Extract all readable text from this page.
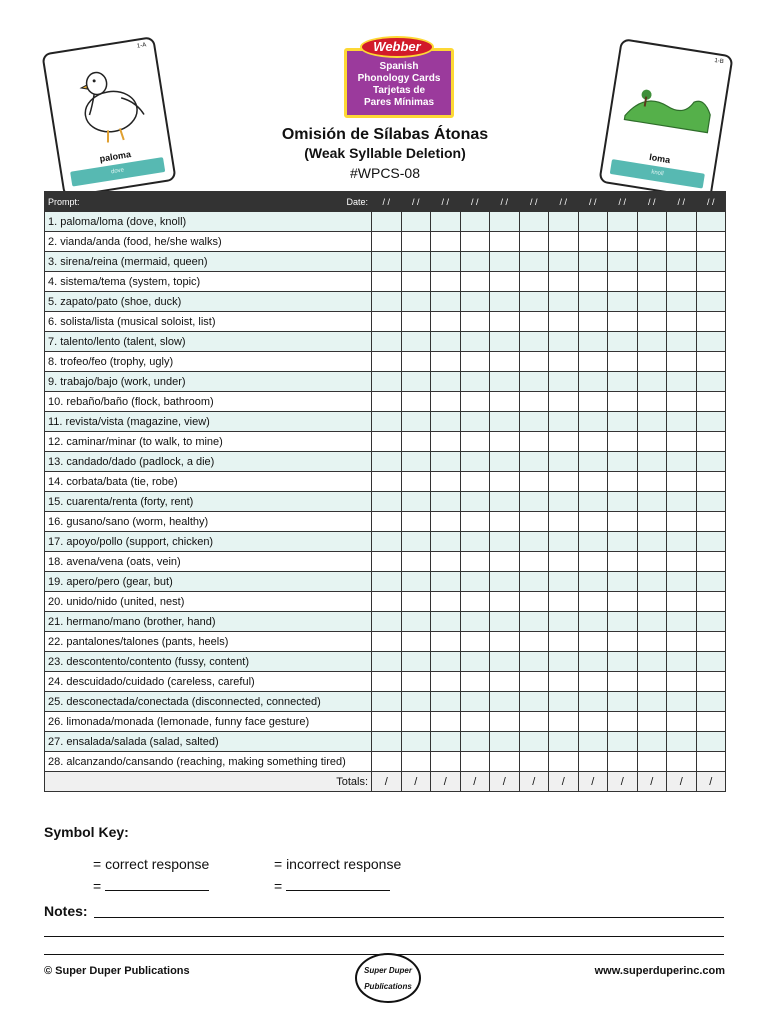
1-A
paloma
dove
1-B
loma
knoll
Webber
Spanish
Phonology Cards
Tarjetas de
Pares Mínimas
Omisión de Sílabas Átonas
(Weak Syllable Deletion)
#WPCS-08
Prompt: Date:	/ /	/ /	/ /	/ /	/ /	/ /	/ /	/ /	/ /	/ /	/ /	/ /
1. paloma/loma (dove, knoll)												
2. vianda/anda (food, he/she walks)												
3. sirena/reina (mermaid, queen)												
4. sistema/tema (system, topic)												
5. zapato/pato (shoe, duck)												
6. solista/lista (musical soloist, list)												
7. talento/lento (talent, slow)												
8. trofeo/feo (trophy, ugly)												
9. trabajo/bajo (work, under)												
10. rebaño/baño (flock, bathroom)												
11. revista/vista (magazine, view)												
12. caminar/minar (to walk, to mine)												
13. candado/dado (padlock, a die)												
14. corbata/bata (tie, robe)												
15. cuarenta/renta (forty, rent)												
16. gusano/sano (worm, healthy)												
17. apoyo/pollo (support, chicken)												
18. avena/vena (oats, vein)												
19. apero/pero (gear, but)												
20. unido/nido (united, nest)												
21. hermano/mano (brother, hand)												
22. pantalones/talones (pants, heels)												
23. descontento/contento (fussy, content)												
24. descuidado/cuidado (careless, careful)												
25. desconectada/conectada (disconnected, connected)												
26. limonada/monada (lemonade, funny face gesture)												
27. ensalada/salada (salad, salted)												
28. alcanzando/cansando (reaching, making something tired)												
Totals:	/	/	/	/	/	/	/	/	/	/	/	/
Symbol Key:
= correct response	= incorrect response
=	=
Notes:
© Super Duper Publications	Super Duper
Publications
www.superduperinc.com
